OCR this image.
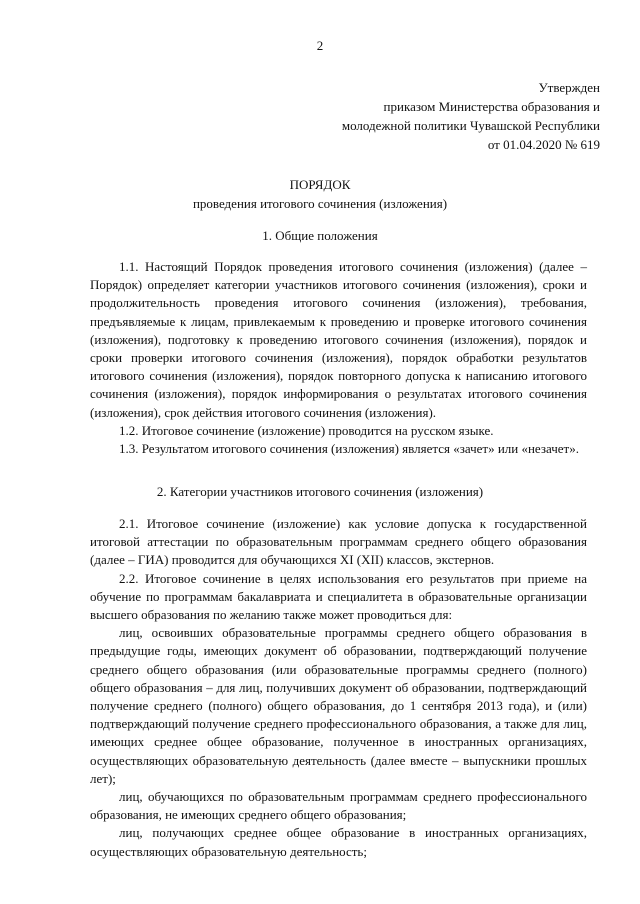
2
Утвержден
приказом Министерства образования и
молодежной политики Чувашской Республики
от 01.04.2020 № 619
ПОРЯДОК
проведения итогового сочинения (изложения)
1. Общие положения

1.1. Настоящий Порядок проведения итогового сочинения (изложения) (далее – Порядок) определяет категории участников итогового сочинения (изложения), сроки и продолжительность проведения итогового сочинения (изложения), требования, предъявляемые к лицам, привлекаемым к проведению и проверке итогового сочинения (изложения), подготовку к проведению итогового сочинения (изложения), порядок и сроки проверки итогового сочинения (изложения), порядок обработки результатов итогового сочинения (изложения), порядок повторного допуска к написанию итогового сочинения (изложения), порядок информирования о результатах итогового сочинения (изложения), срок действия итогового сочинения (изложения).

1.2. Итоговое сочинение (изложение) проводится на русском языке.

1.3. Результатом итогового сочинения (изложения) является «зачет» или «незачет».

2. Категории участников итогового сочинения (изложения)

2.1. Итоговое сочинение (изложение) как условие допуска к государственной итоговой аттестации по образовательным программам среднего общего образования (далее – ГИА) проводится для обучающихся XI (XII) классов, экстернов.

2.2. Итоговое сочинение в целях использования его результатов при приеме на обучение по программам бакалавриата и специалитета в образовательные организации высшего образования по желанию также может проводиться для:

лиц, освоивших образовательные программы среднего общего образования в предыдущие годы, имеющих документ об образовании, подтверждающий получение среднего общего образования (или образовательные программы среднего (полного) общего образования – для лиц, получивших документ об образовании, подтверждающий получение среднего (полного) общего образования, до 1 сентября 2013 года), и (или) подтверждающий получение среднего профессионального образования, а также для лиц, имеющих среднее общее образование, полученное в иностранных организациях, осуществляющих образовательную деятельность (далее вместе – выпускники прошлых лет);

лиц, обучающихся по образовательным программам среднего профессионального образования, не имеющих среднего общего образования;

лиц, получающих среднее общее образование в иностранных организациях, осуществляющих образовательную деятельность;
